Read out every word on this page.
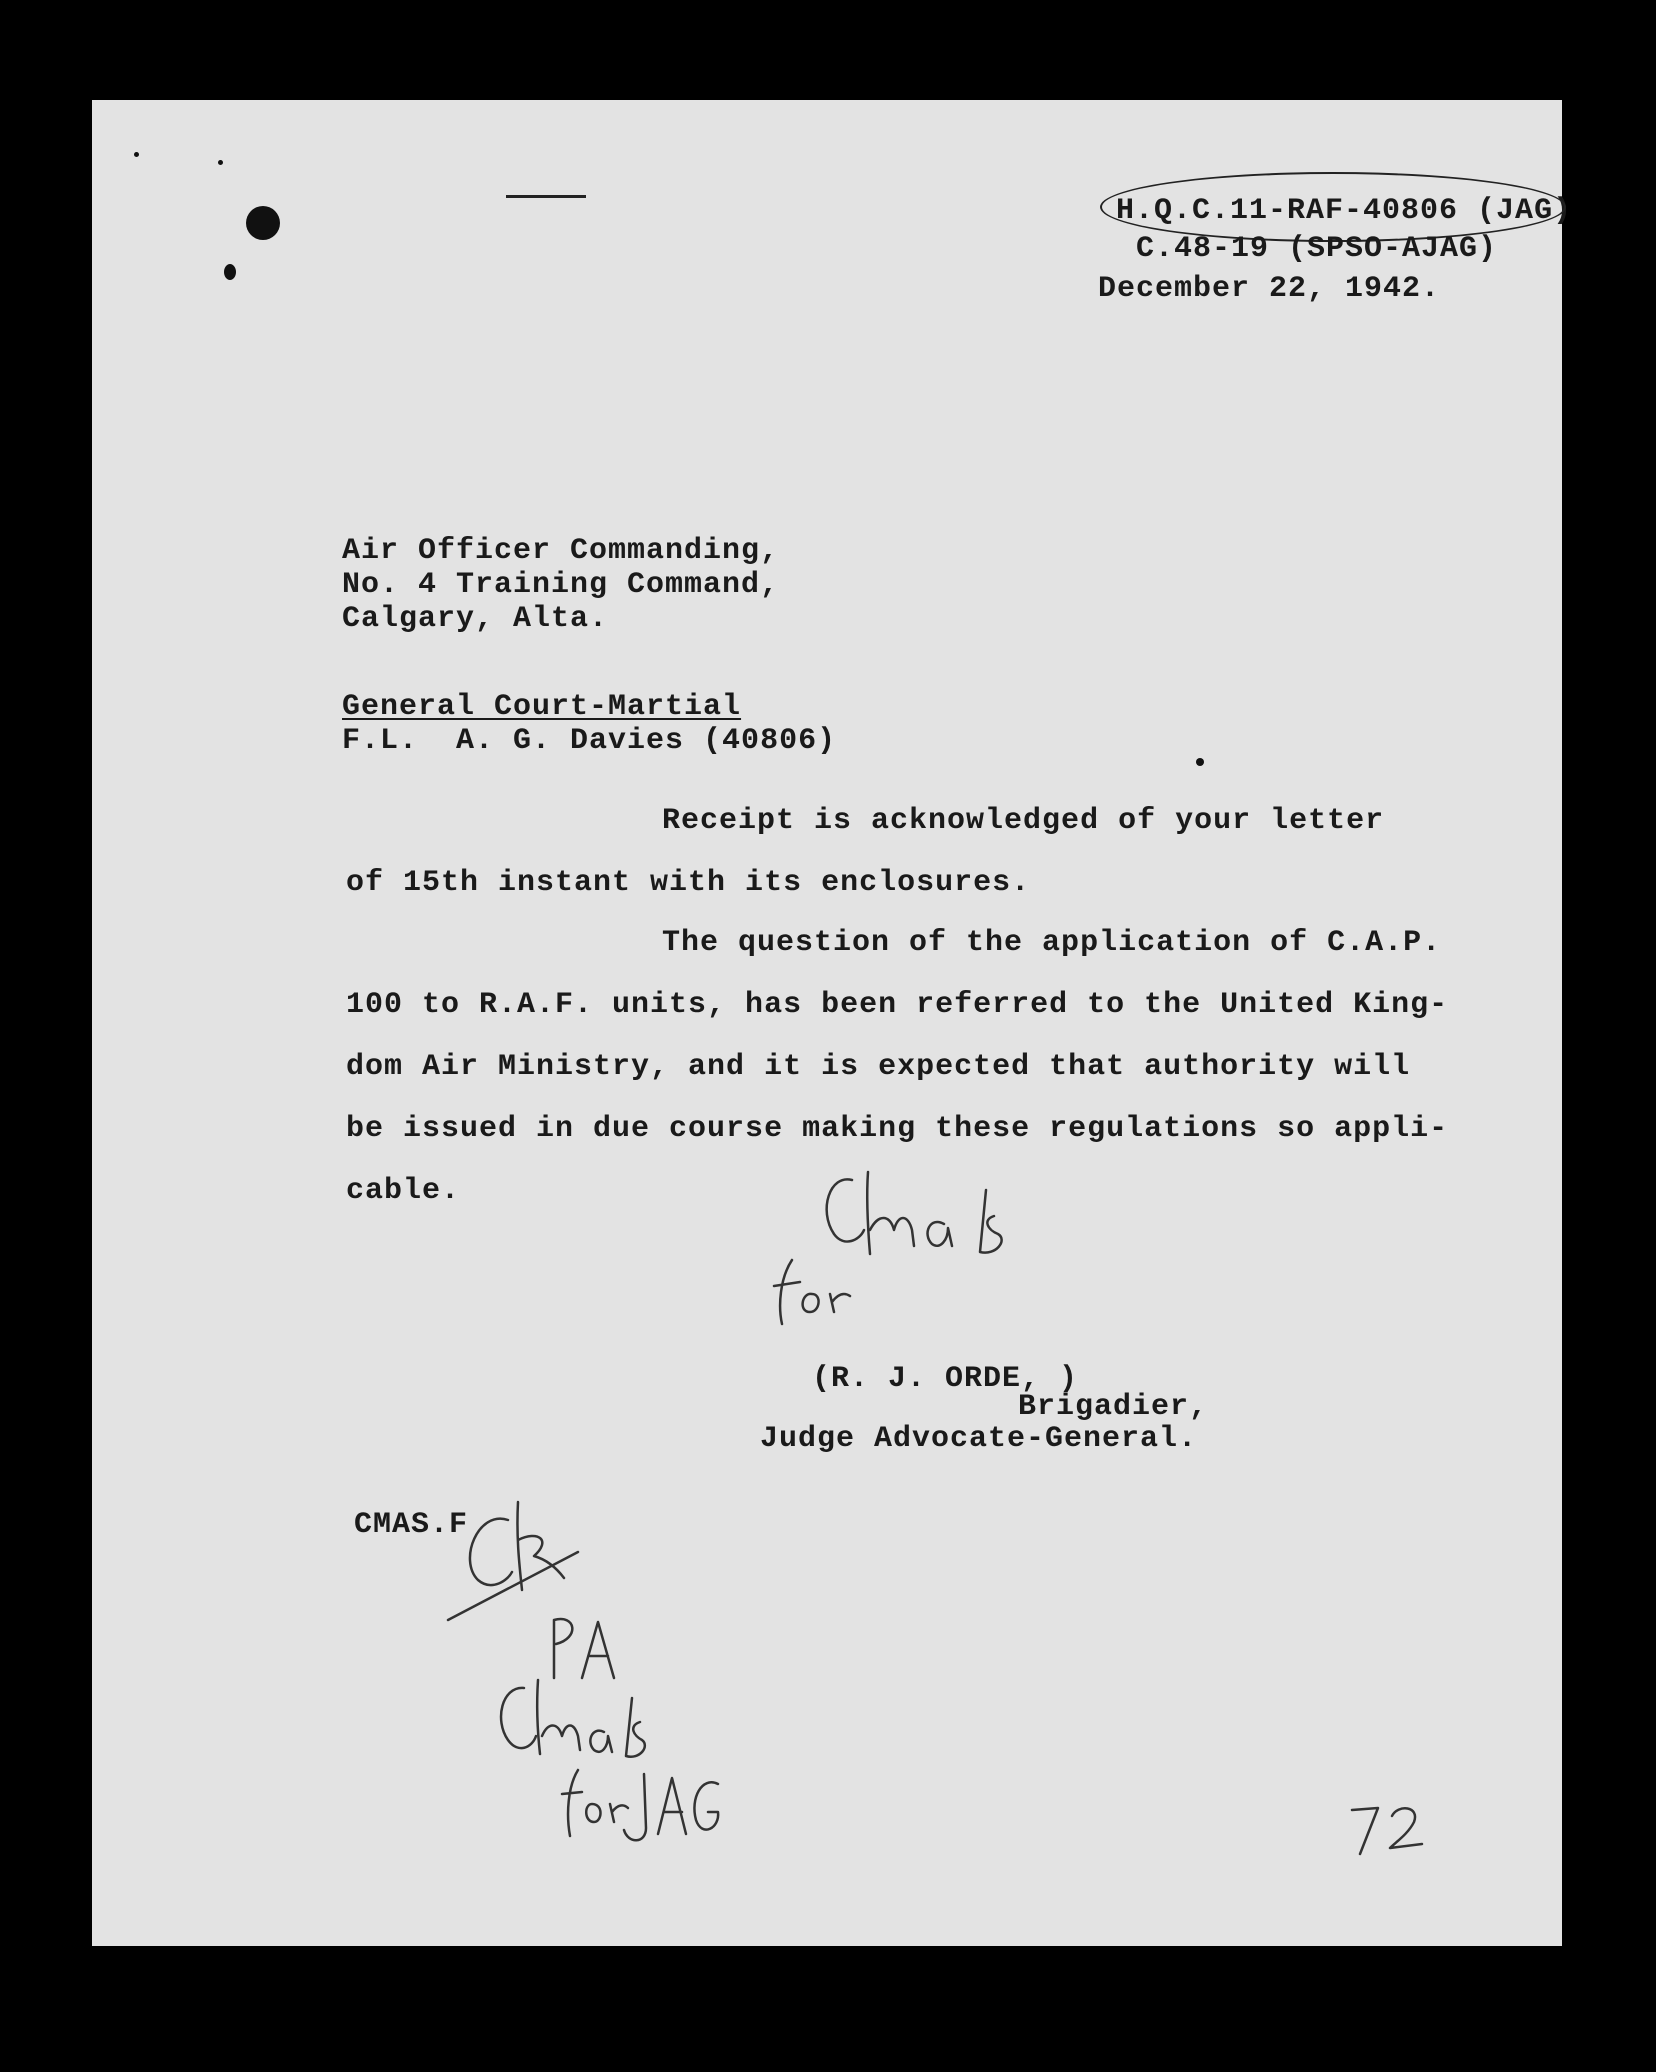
H.Q.C.11-RAF-40806 (JAG)

C.48-19 (SPSO-AJAG)

December 22, 1942.

Air Officer Commanding,

No. 4 Training Command,

Calgary, Alta.

General Court-Martial

F.L.  A. G. Davies (40806)

Receipt is acknowledged of your letter

of 15th instant with its enclosures.

The question of the application of C.A.P.

100 to R.A.F. units, has been referred to the United King-

dom Air Ministry, and it is expected that authority will

be issued in due course making these regulations so appli-

cable.

(R. J. ORDE, )

Brigadier,

Judge Advocate-General.

CMAS.F
